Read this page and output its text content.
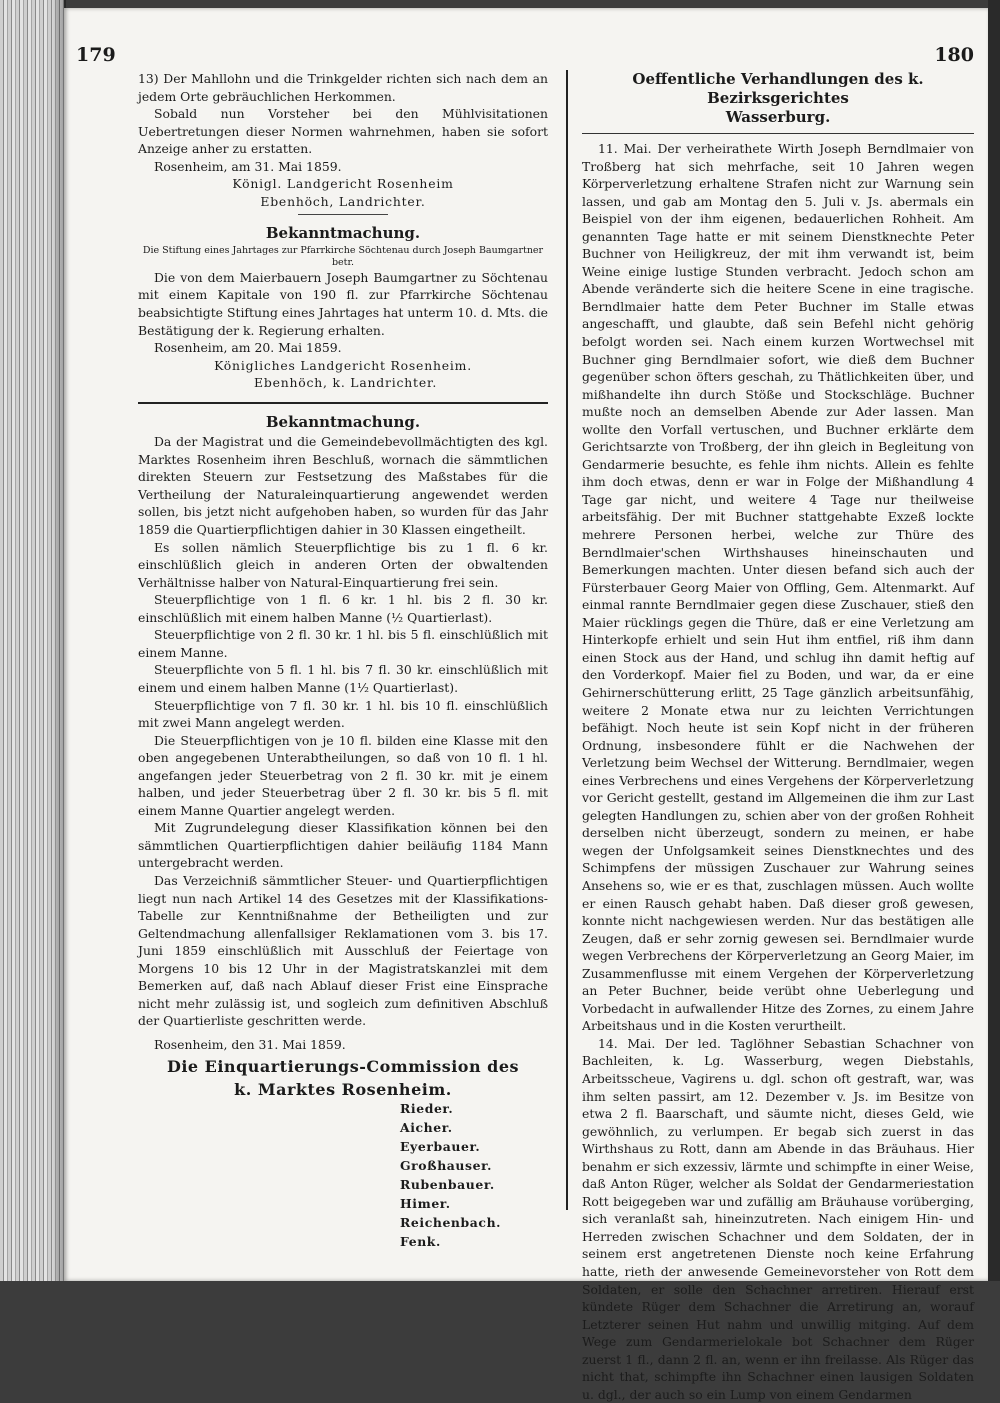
179	180

13) Der Mahllohn und die Trinkgelder richten sich nach dem an jedem Orte gebräuchlichen Herkommen.

Sobald nun Vorsteher bei den Mühlvisitationen Uebertretungen dieser Normen wahrnehmen, haben sie sofort Anzeige anher zu erstatten.

Rosenheim, am 31. Mai 1859.

Königl. Landgericht Rosenheim

Ebenhöch, Landrichter.

Bekanntmachung.

Die Stiftung eines Jahrtages zur Pfarrkirche Söchtenau durch Joseph Baumgartner betr.

Die von dem Maierbauern Joseph Baumgartner zu Söchtenau mit einem Kapitale von 190 fl. zur Pfarrkirche Söchtenau beabsichtigte Stiftung eines Jahrtages hat unterm 10. d. Mts. die Bestätigung der k. Regierung erhalten.

Rosenheim, am 20. Mai 1859.

Königliches Landgericht Rosenheim.

Ebenhöch, k. Landrichter.

Bekanntmachung.

Da der Magistrat und die Gemeindebevollmächtigten des kgl. Marktes Rosenheim ihren Beschluß, wornach die sämmtlichen direkten Steuern zur Festsetzung des Maßstabes für die Vertheilung der Naturaleinquartierung angewendet werden sollen, bis jetzt nicht aufgehoben haben, so wurden für das Jahr 1859 die Quartierpflichtigen dahier in 30 Klassen eingetheilt.

Es sollen nämlich Steuerpflichtige bis zu 1 fl. 6 kr. einschlüßlich gleich in anderen Orten der obwaltenden Verhältnisse halber von Natural-Einquartierung frei sein.

Steuerpflichtige von 1 fl. 6 kr. 1 hl. bis 2 fl. 30 kr. einschlüßlich mit einem halben Manne (½ Quartierlast).

Steuerpflichtige von 2 fl. 30 kr. 1 hl. bis 5 fl. einschlüßlich mit einem Manne.

Steuerpflichte von 5 fl. 1 hl. bis 7 fl. 30 kr. einschlüßlich mit einem und einem halben Manne (1½ Quartierlast).

Steuerpflichtige von 7 fl. 30 kr. 1 hl. bis 10 fl. einschlüßlich mit zwei Mann angelegt werden.

Die Steuerpflichtigen von je 10 fl. bilden eine Klasse mit den oben angegebenen Unterabtheilungen, so daß von 10 fl. 1 hl. angefangen jeder Steuerbetrag von 2 fl. 30 kr. mit je einem halben, und jeder Steuerbetrag über 2 fl. 30 kr. bis 5 fl. mit einem Manne Quartier angelegt werden.

Mit Zugrundelegung dieser Klassifikation können bei den sämmtlichen Quartierpflichtigen dahier beiläufig 1184 Mann untergebracht werden.

Das Verzeichniß sämmtlicher Steuer- und Quartierpflichtigen liegt nun nach Artikel 14 des Gesetzes mit der Klassifikations-Tabelle zur Kenntnißnahme der Betheiligten und zur Geltendmachung allenfallsiger Reklamationen vom 3. bis 17. Juni 1859 einschlüßlich mit Ausschluß der Feiertage von Morgens 10 bis 12 Uhr in der Magistratskanzlei mit dem Bemerken auf, daß nach Ablauf dieser Frist eine Einsprache nicht mehr zulässig ist, und sogleich zum definitiven Abschluß der Quartierliste geschritten werde.

Rosenheim, den 31. Mai 1859.

Die Einquartierungs-Commission des

k. Marktes Rosenheim.

Rieder.

Aicher.

Eyerbauer.

Großhauser.

Rubenbauer.

Himer.

Reichenbach.

Fenk.

Oeffentliche Verhandlungen des k. Bezirksgerichtes
Wasserburg.

11. Mai. Der verheirathete Wirth Joseph Berndlmaier von Troßberg hat sich mehrfache, seit 10 Jahren wegen Körperverletzung erhaltene Strafen nicht zur Warnung sein lassen, und gab am Montag den 5. Juli v. Js. abermals ein Beispiel von der ihm eigenen, bedauerlichen Rohheit. Am genannten Tage hatte er mit seinem Dienstknechte Peter Buchner von Heiligkreuz, der mit ihm verwandt ist, beim Weine einige lustige Stunden verbracht. Jedoch schon am Abende veränderte sich die heitere Scene in eine tragische. Berndlmaier hatte dem Peter Buchner im Stalle etwas angeschafft, und glaubte, daß sein Befehl nicht gehörig befolgt worden sei. Nach einem kurzen Wortwechsel mit Buchner ging Berndlmaier sofort, wie dieß dem Buchner gegenüber schon öfters geschah, zu Thätlichkeiten über, und mißhandelte ihn durch Stöße und Stockschläge. Buchner mußte noch an demselben Abende zur Ader lassen. Man wollte den Vorfall vertuschen, und Buchner erklärte dem Gerichtsarzte von Troßberg, der ihn gleich in Begleitung von Gendarmerie besuchte, es fehle ihm nichts. Allein es fehlte ihm doch etwas, denn er war in Folge der Mißhandlung 4 Tage gar nicht, und weitere 4 Tage nur theilweise arbeitsfähig. Der mit Buchner stattgehabte Exzeß lockte mehrere Personen herbei, welche zur Thüre des Berndlmaier'schen Wirthshauses hineinschauten und Bemerkungen machten. Unter diesen befand sich auch der Fürsterbauer Georg Maier von Offling, Gem. Altenmarkt. Auf einmal rannte Berndlmaier gegen diese Zuschauer, stieß den Maier rücklings gegen die Thüre, daß er eine Verletzung am Hinterkopfe erhielt und sein Hut ihm entfiel, riß ihm dann einen Stock aus der Hand, und schlug ihn damit heftig auf den Vorderkopf. Maier fiel zu Boden, und war, da er eine Gehirnerschütterung erlitt, 25 Tage gänzlich arbeitsunfähig, weitere 2 Monate etwa nur zu leichten Verrichtungen befähigt. Noch heute ist sein Kopf nicht in der früheren Ordnung, insbesondere fühlt er die Nachwehen der Verletzung beim Wechsel der Witterung. Berndlmaier, wegen eines Verbrechens und eines Vergehens der Körperverletzung vor Gericht gestellt, gestand im Allgemeinen die ihm zur Last gelegten Handlungen zu, schien aber von der großen Rohheit derselben nicht überzeugt, sondern zu meinen, er habe wegen der Unfolgsamkeit seines Dienstknechtes und des Schimpfens der müssigen Zuschauer zur Wahrung seines Ansehens so, wie er es that, zuschlagen müssen. Auch wollte er einen Rausch gehabt haben. Daß dieser groß gewesen, konnte nicht nachgewiesen werden. Nur das bestätigen alle Zeugen, daß er sehr zornig gewesen sei. Berndlmaier wurde wegen Verbrechens der Körperverletzung an Georg Maier, im Zusammenflusse mit einem Vergehen der Körperverletzung an Peter Buchner, beide verübt ohne Ueberlegung und Vorbedacht in aufwallender Hitze des Zornes, zu einem Jahre Arbeitshaus und in die Kosten verurtheilt.

14. Mai. Der led. Taglöhner Sebastian Schachner von Bachleiten, k. Lg. Wasserburg, wegen Diebstahls, Arbeitsscheue, Vagirens u. dgl. schon oft gestraft, war, was ihm selten passirt, am 12. Dezember v. Js. im Besitze von etwa 2 fl. Baarschaft, und säumte nicht, dieses Geld, wie gewöhnlich, zu verlumpen. Er begab sich zuerst in das Wirthshaus zu Rott, dann am Abende in das Bräuhaus. Hier benahm er sich exzessiv, lärmte und schimpfte in einer Weise, daß Anton Rüger, welcher als Soldat der Gendarmeriestation Rott beigegeben war und zufällig am Bräuhause vorüberging, sich veranlaßt sah, hineinzutreten. Nach einigem Hin- und Herreden zwischen Schachner und dem Soldaten, der in seinem erst angetretenen Dienste noch keine Erfahrung hatte, rieth der anwesende Gemeinevorsteher von Rott dem Soldaten, er solle den Schachner arretiren. Hierauf erst kündete Rüger dem Schachner die Arretirung an, worauf Letzterer seinen Hut nahm und unwillig mitging. Auf dem Wege zum Gendarmerielokale bot Schachner dem Rüger zuerst 1 fl., dann 2 fl. an, wenn er ihn freilasse. Als Rüger das nicht that, schimpfte ihn Schachner einen lausigen Soldaten u. dgl., der auch so ein Lump von einem Gendarmen
